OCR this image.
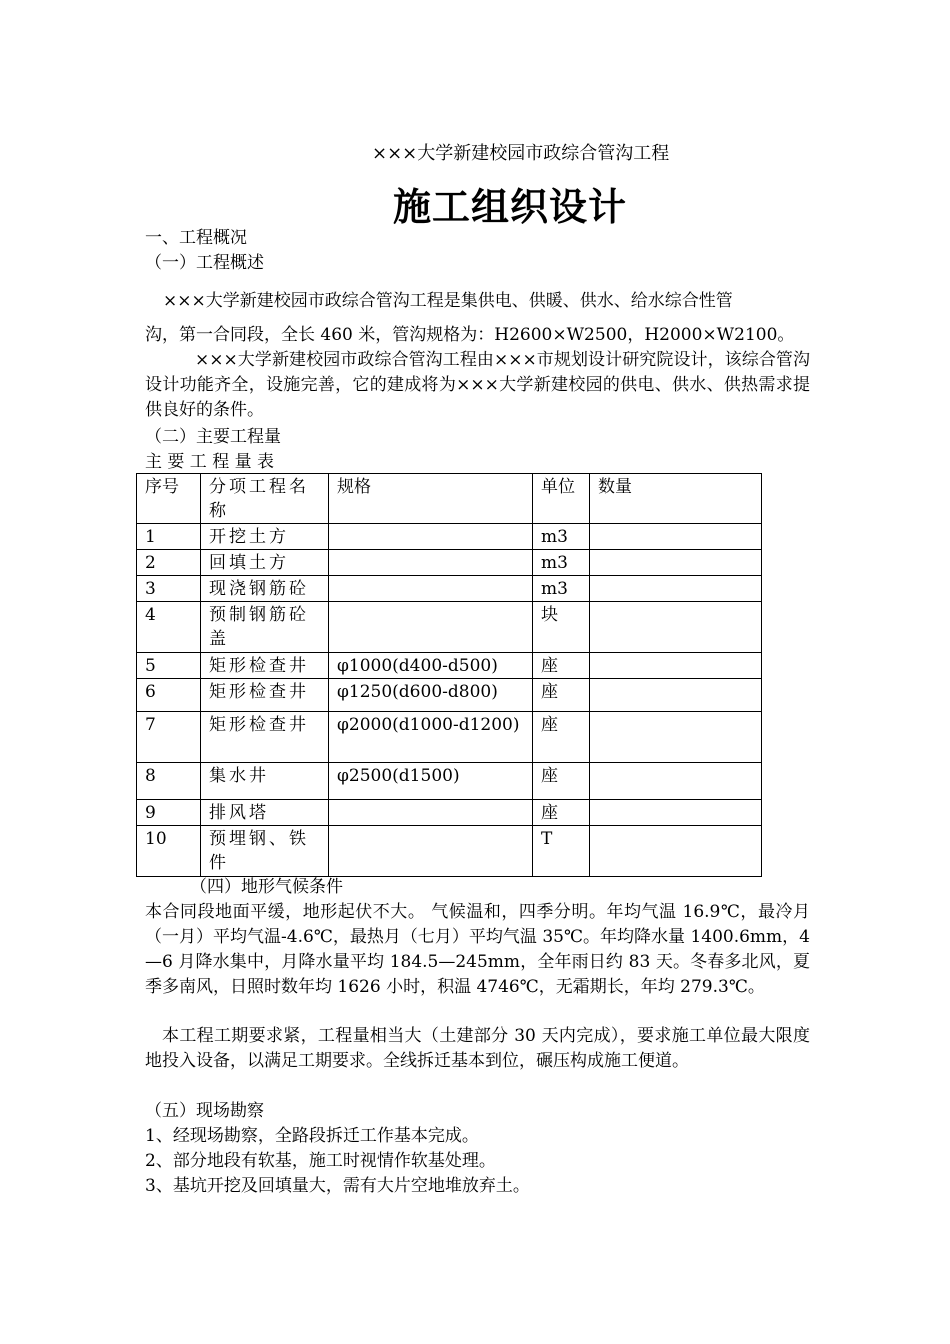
×××大学新建校园市政综合管沟工程
施工组织设计
一、工程概况
（一）工程概述
×××大学新建校园市政综合管沟工程是集供电、供暖、供水、给水综合性管
沟，第一合同段，全长 460 米，管沟规格为：H2600×W2500，H2000×W2100。
×××大学新建校园市政综合管沟工程由×××市规划设计研究院设计，该综合管沟设计功能齐全，设施完善，它的建成将为×××大学新建校园的供电、供水、供热需求提供良好的条件。
（二）主要工程量
主 要 工 程 量 表
序号	分项工程名称	规格	单位	数量
1	开挖土方		m3	
2	回填土方		m3	
3	现浇钢筋砼		m3	
4	预制钢筋砼盖		块	
5	矩形检查井	φ1000(d400-d500)	座	
6	矩形检查井	φ1250(d600-d800)	座	
7	矩形检查井	φ2000(d1000-d1200)	座	
8	集水井	φ2500(d1500)	座	
9	排风塔		座	
10	预埋钢、铁件		T	
（四）地形气候条件
本合同段地面平缓，地形起伏不大。 气候温和，四季分明。年均气温 16.9℃，最冷月（一月）平均气温-4.6℃，最热月（七月）平均气温 35℃。年均降水量 1400.6mm，4—6 月降水集中，月降水量平均 184.5—245mm，全年雨日约 83 天。冬春多北风，夏季多南风，日照时数年均 1626 小时，积温 4746℃，无霜期长，年均 279.3℃。
本工程工期要求紧，工程量相当大（土建部分 30 天内完成），要求施工单位最大限度地投入设备，以满足工期要求。全线拆迁基本到位，碾压构成施工便道。
（五）现场勘察
1、经现场勘察，全路段拆迁工作基本完成。
2、部分地段有软基，施工时视情作软基处理。
3、基坑开挖及回填量大，需有大片空地堆放弃土。
